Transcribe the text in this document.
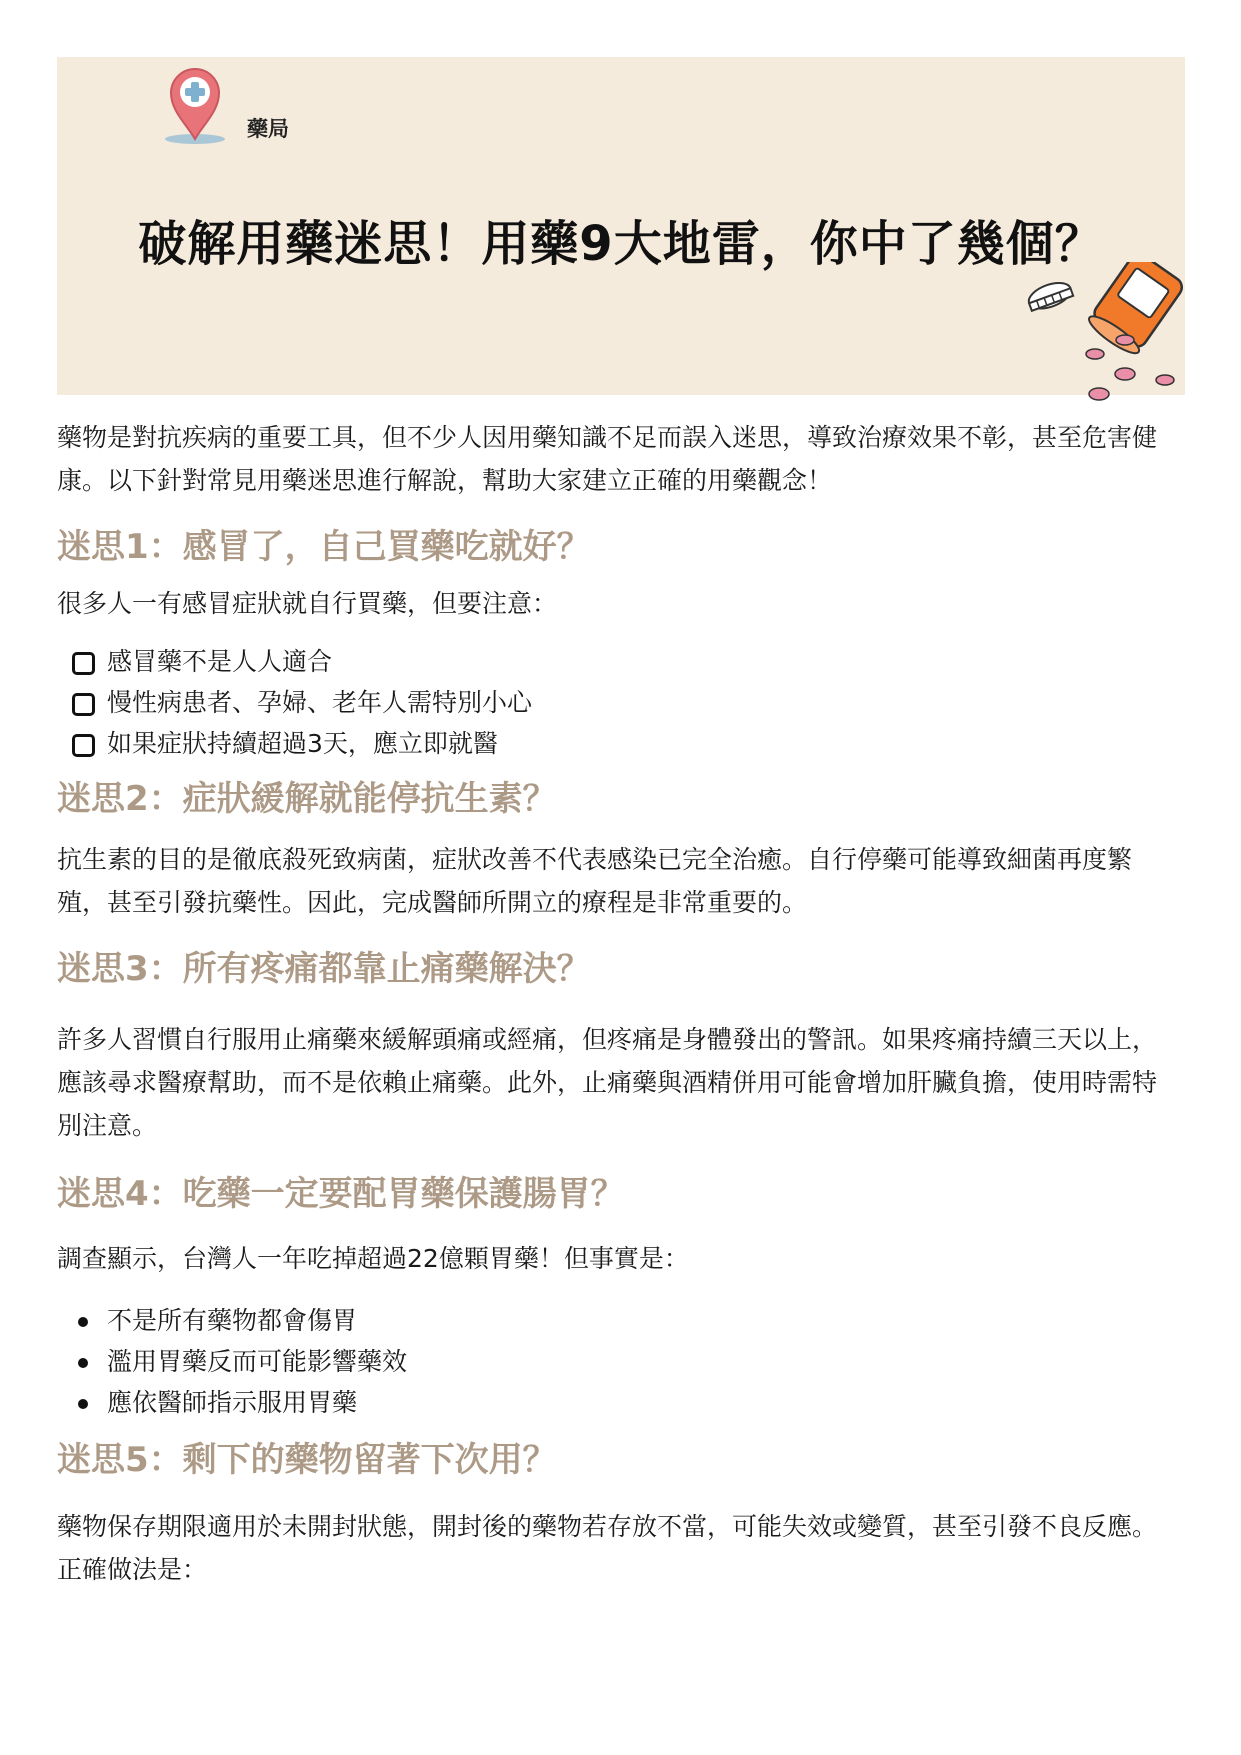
藥局
破解用藥迷思！用藥9大地雷，你中了幾個？

藥物是對抗疾病的重要工具，但不少人因用藥知識不足而誤入迷思，導致治療效果不彰，甚至危害健康。以下針對常見用藥迷思進行解說，幫助大家建立正確的用藥觀念！

迷思1：感冒了，自己買藥吃就好？

很多人一有感冒症狀就自行買藥，但要注意：

感冒藥不是人人適合
慢性病患者、孕婦、老年人需特別小心
如果症狀持續超過3天，應立即就醫
迷思2：症狀緩解就能停抗生素？

抗生素的目的是徹底殺死致病菌，症狀改善不代表感染已完全治癒。自行停藥可能導致細菌再度繁殖，甚至引發抗藥性。因此，完成醫師所開立的療程是非常重要的。

迷思3：所有疼痛都靠止痛藥解決？

許多人習慣自行服用止痛藥來緩解頭痛或經痛，但疼痛是身體發出的警訊。如果疼痛持續三天以上，應該尋求醫療幫助，而不是依賴止痛藥。此外，止痛藥與酒精併用可能會增加肝臟負擔，使用時需特別注意。

迷思4：吃藥一定要配胃藥保護腸胃？

調查顯示，台灣人一年吃掉超過22億顆胃藥！但事實是：

不是所有藥物都會傷胃
濫用胃藥反而可能影響藥效
應依醫師指示服用胃藥
迷思5：剩下的藥物留著下次用？

藥物保存期限適用於未開封狀態，開封後的藥物若存放不當，可能失效或變質，甚至引發不良反應。正確做法是：
